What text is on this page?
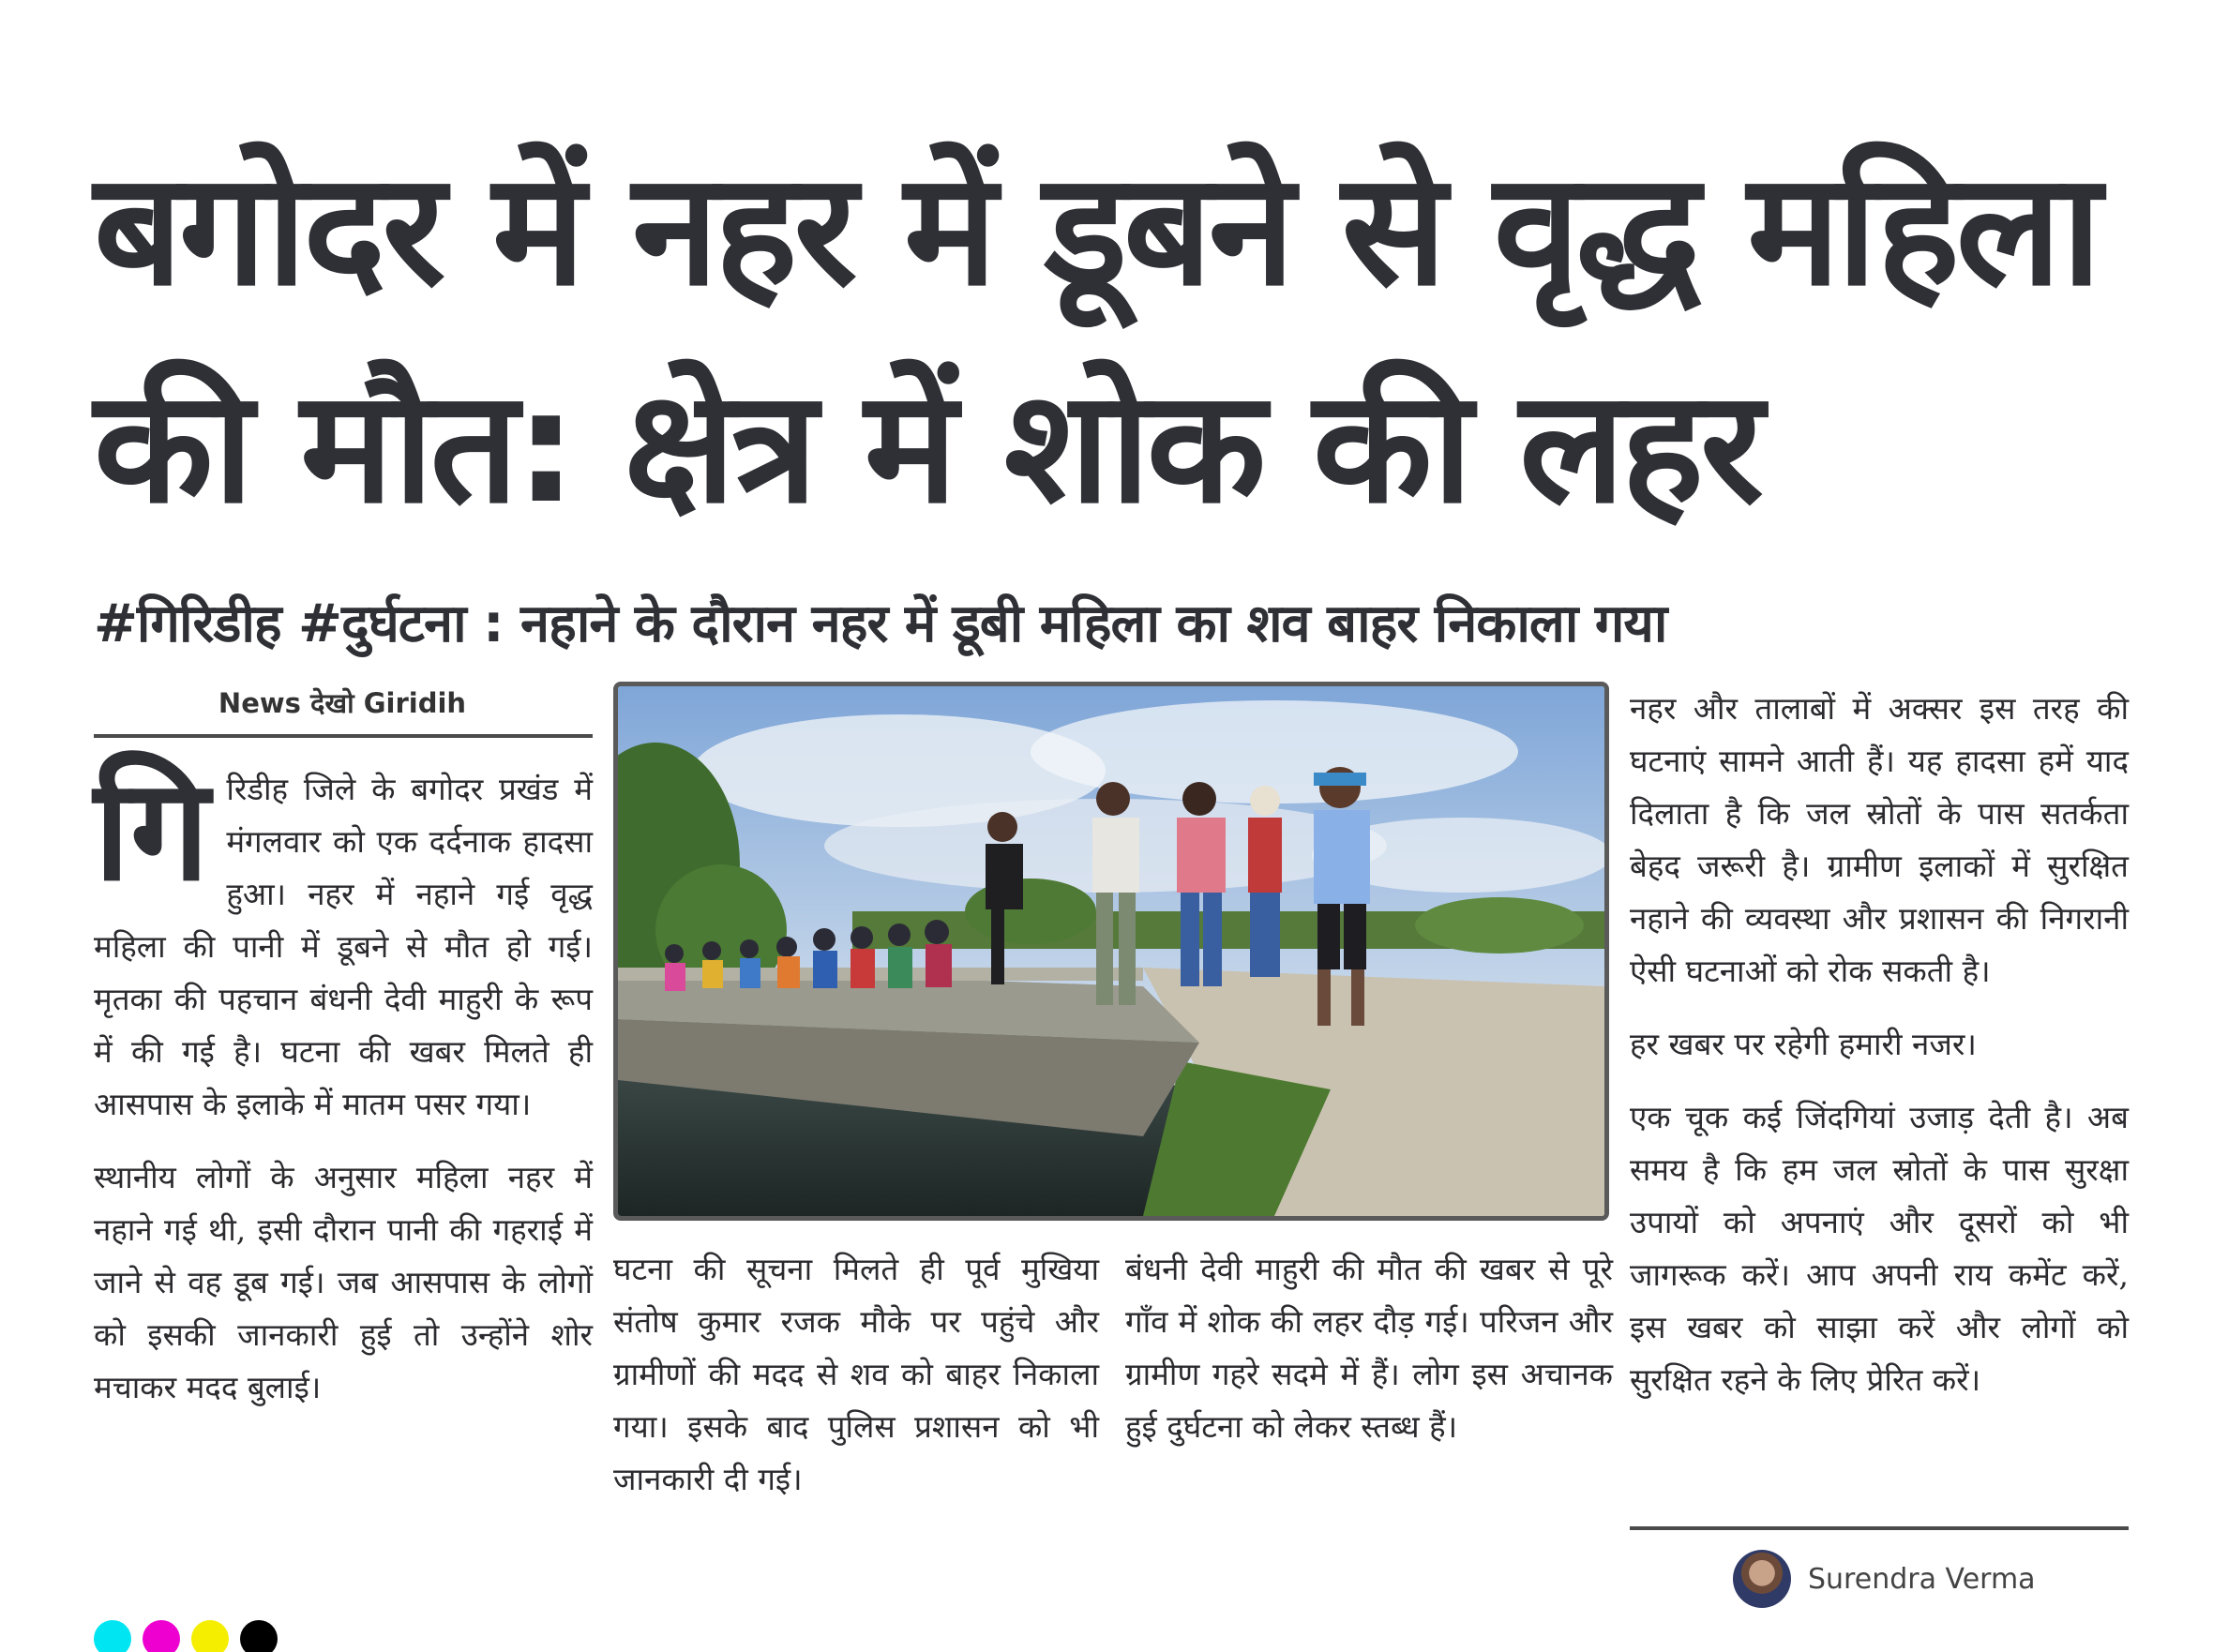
बगोदर में नहर में डूबने से वृद्ध महिला
की मौत: क्षेत्र में शोक की लहर
#गिरिडीह #दुर्घटना : नहाने के दौरान नहर में डूबी महिला का शव बाहर निकाला गया
News देखो Giridih

गि रिडीह जिले के बगोदर प्रखंड में मंगलवार को एक दर्दनाक हादसा हुआ। नहर में नहाने गई वृद्ध महिला की पानी में डूबने से मौत हो गई। मृतका की पहचान बंधनी देवी माहुरी के रूप में की गई है। घटना की खबर मिलते ही आसपास के इलाके में मातम पसर गया।

स्थानीय लोगों के अनुसार महिला नहर में नहाने गई थी, इसी दौरान पानी की गहराई में जाने से वह डूब गई। जब आसपास के लोगों को इसकी जानकारी हुई तो उन्होंने शोर मचाकर मदद बुलाई।

घटना की सूचना मिलते ही पूर्व मुखिया संतोष कुमार रजक मौके पर पहुंचे और ग्रामीणों की मदद से शव को बाहर निकाला गया। इसके बाद पुलिस प्रशासन को भी जानकारी दी गई।

बंधनी देवी माहुरी की मौत की खबर से पूरे गाँव में शोक की लहर दौड़ गई। परिजन और ग्रामीण गहरे सदमे में हैं। लोग इस अचानक हुई दुर्घटना को लेकर स्तब्ध हैं।

नहर और तालाबों में अक्सर इस तरह की घटनाएं सामने आती हैं। यह हादसा हमें याद दिलाता है कि जल स्रोतों के पास सतर्कता बेहद जरूरी है। ग्रामीण इलाकों में सुरक्षित नहाने की व्यवस्था और प्रशासन की निगरानी ऐसी घटनाओं को रोक सकती है।

हर खबर पर रहेगी हमारी नजर।

एक चूक कई जिंदगियां उजाड़ देती है। अब समय है कि हम जल स्रोतों के पास सुरक्षा उपायों को अपनाएं और दूसरों को भी जागरूक करें। आप अपनी राय कमेंट करें, इस खबर को साझा करें और लोगों को सुरक्षित रहने के लिए प्रेरित करें।

Surendra Verma
